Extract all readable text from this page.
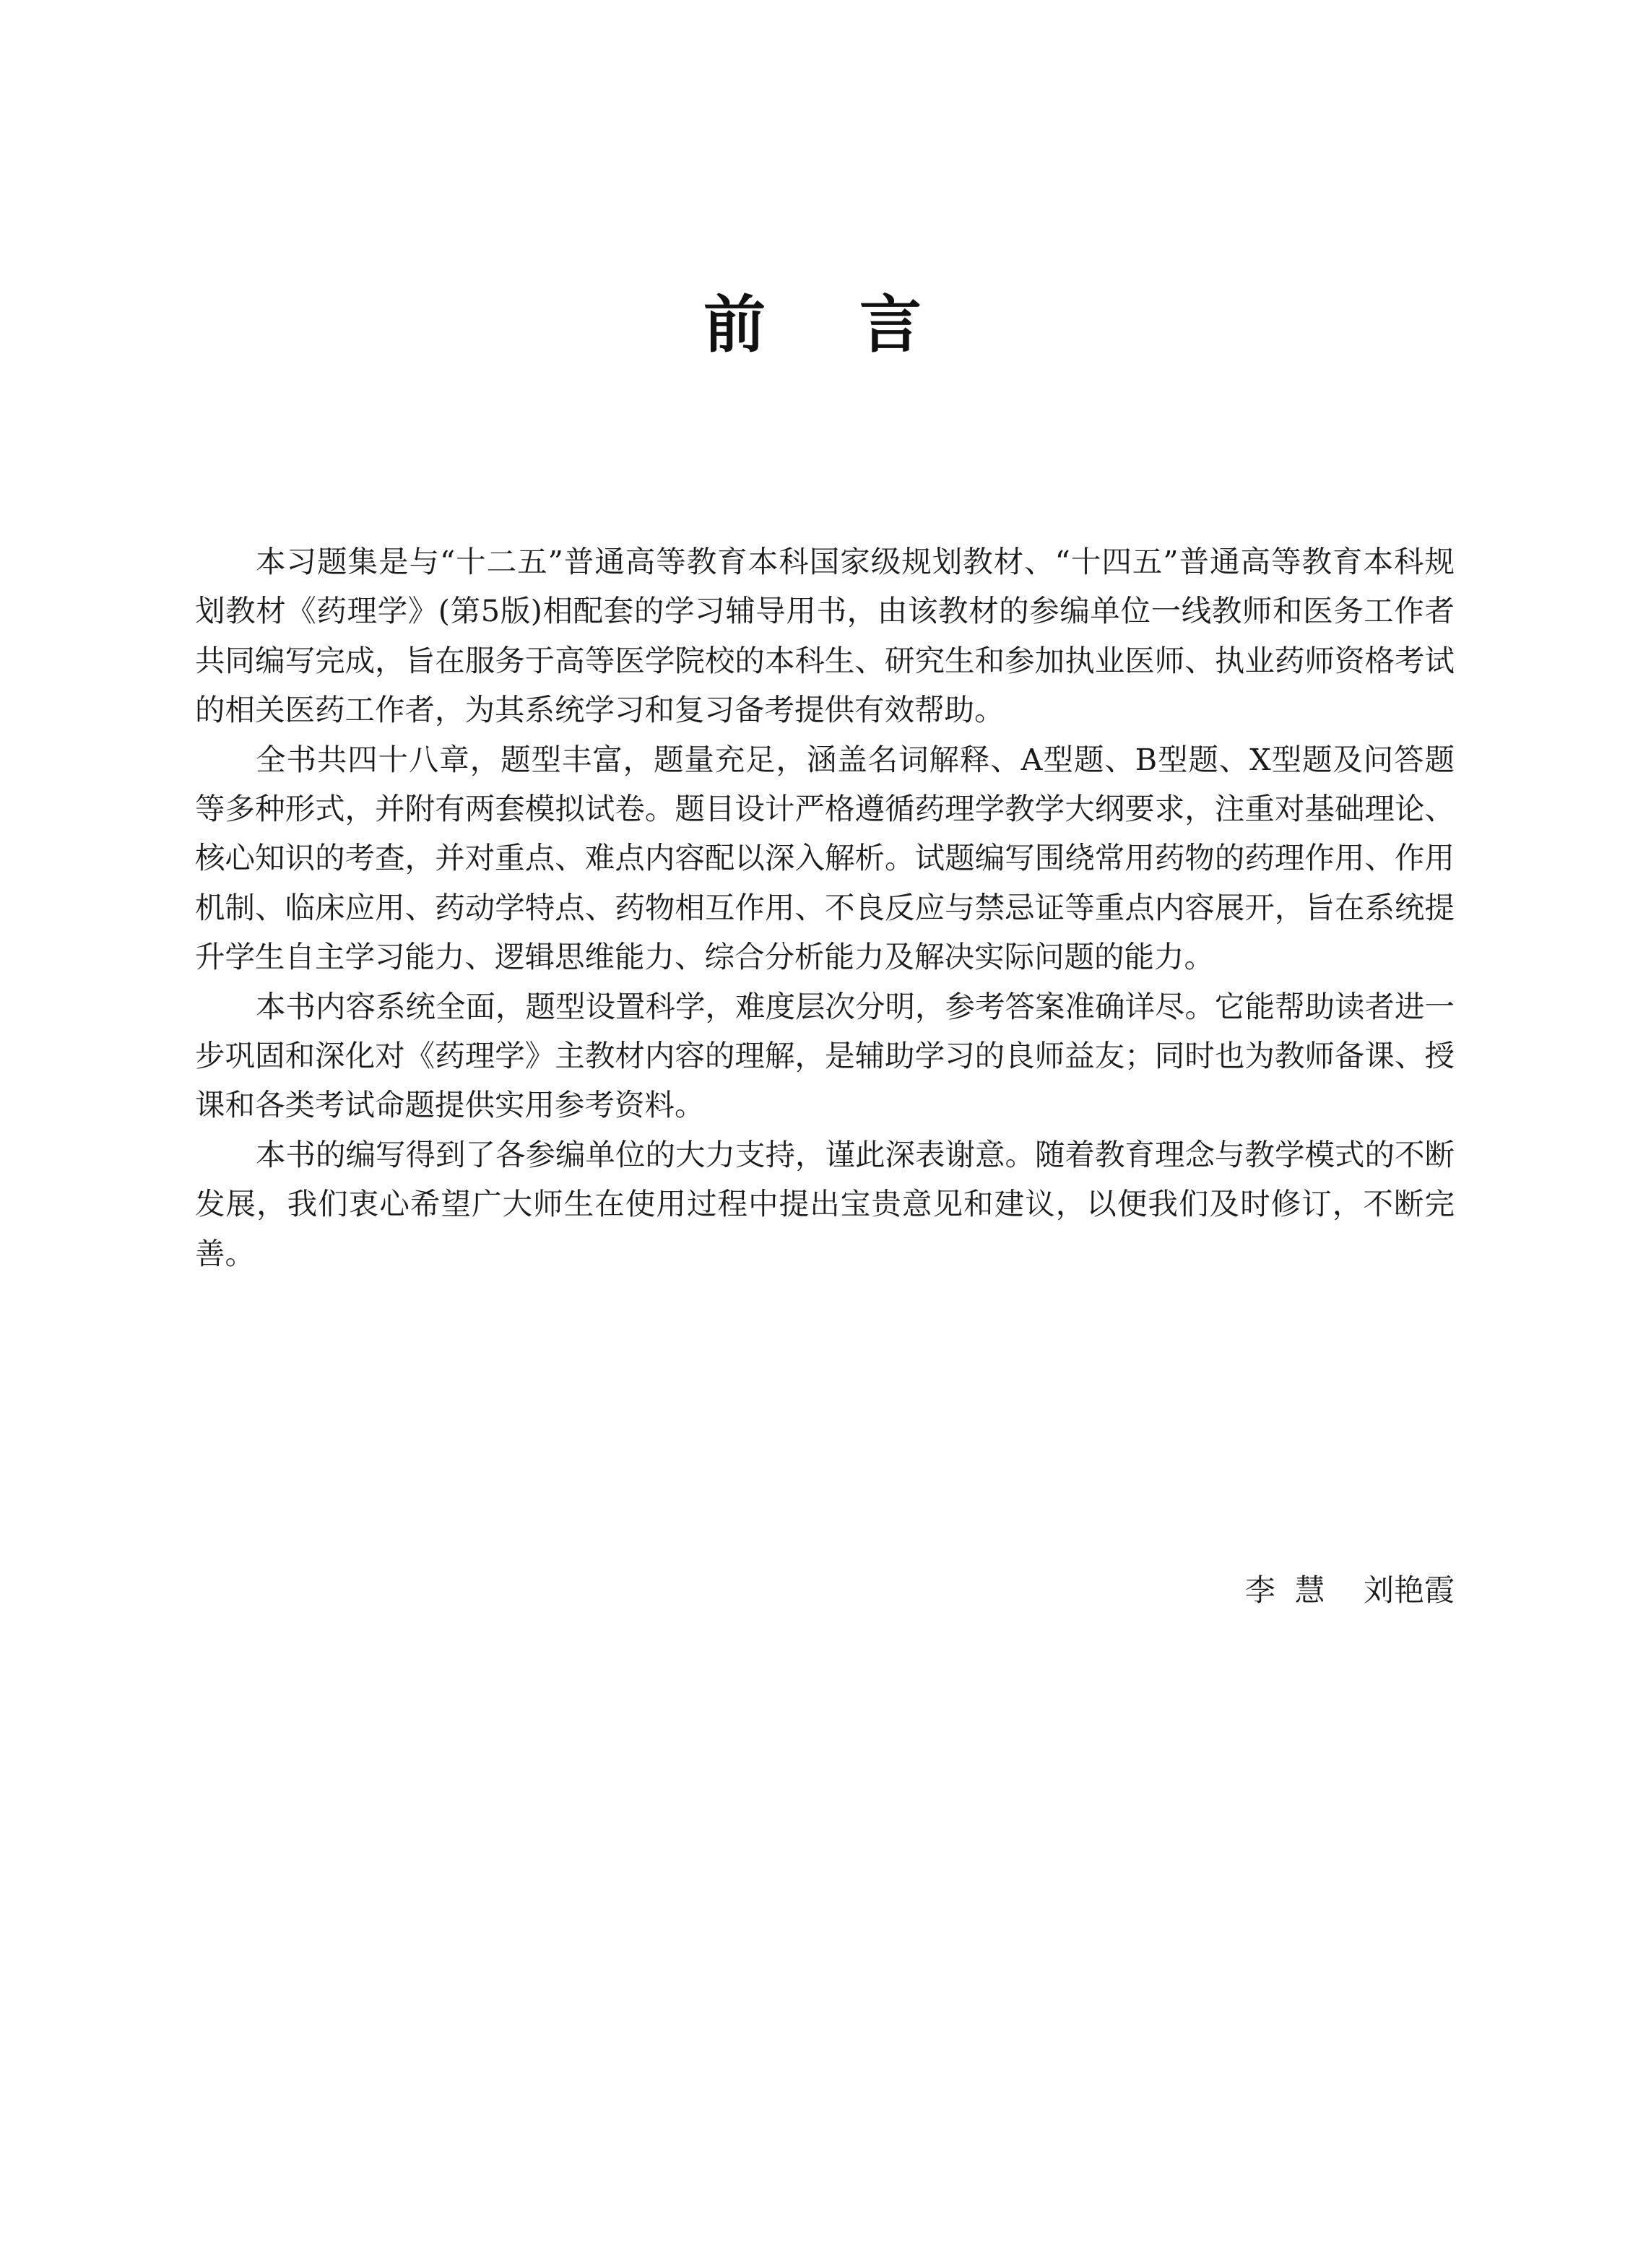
前言

本习题集是与“十二五”普通高等教育本科国家级规划教材、“十四五”普通高等教育本科规划教材《药理学》(第5版)相配套的学习辅导用书，由该教材的参编单位一线教师和医务工作者共同编写完成，旨在服务于高等医学院校的本科生、研究生和参加执业医师、执业药师资格考试的相关医药工作者，为其系统学习和复习备考提供有效帮助。

全书共四十八章，题型丰富，题量充足，涵盖名词解释、A型题、B型题、X型题及问答题等多种形式，并附有两套模拟试卷。题目设计严格遵循药理学教学大纲要求，注重对基础理论、核心知识的考查，并对重点、难点内容配以深入解析。试题编写围绕常用药物的药理作用、作用机制、临床应用、药动学特点、药物相互作用、不良反应与禁忌证等重点内容展开，旨在系统提升学生自主学习能力、逻辑思维能力、综合分析能力及解决实际问题的能力。

本书内容系统全面，题型设置科学，难度层次分明，参考答案准确详尽。它能帮助读者进一步巩固和深化对《药理学》主教材内容的理解，是辅助学习的良师益友；同时也为教师备课、授课和各类考试命题提供实用参考资料。

本书的编写得到了各参编单位的大力支持，谨此深表谢意。随着教育理念与教学模式的不断发展，我们衷心希望广大师生在使用过程中提出宝贵意见和建议，以便我们及时修订，不断完善。

李  慧    刘艳霞
